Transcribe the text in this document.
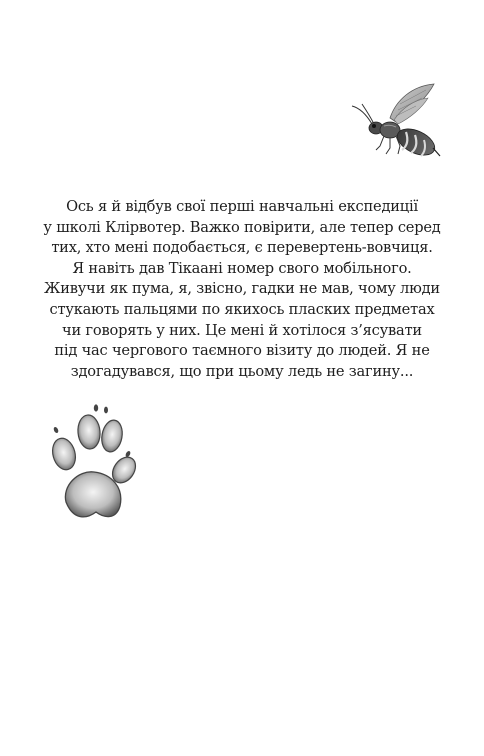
Ось я й відбув свої перші навчальні експедиції
у школі Клірвотер. Важко повірити, але тепер серед
тих, хто мені подобається, є перевертень-вовчиця.
Я навіть дав Тікаані номер свого мобільного.
Живучи як пума, я, звісно, гадки не мав, чому люди
стукають пальцями по якихось пласких предметах
чи говорять у них. Це мені й хотілося з’ясувати
під час чергового таємного візиту до людей. Я не
здогадувався, що при цьому ледь не загину...
